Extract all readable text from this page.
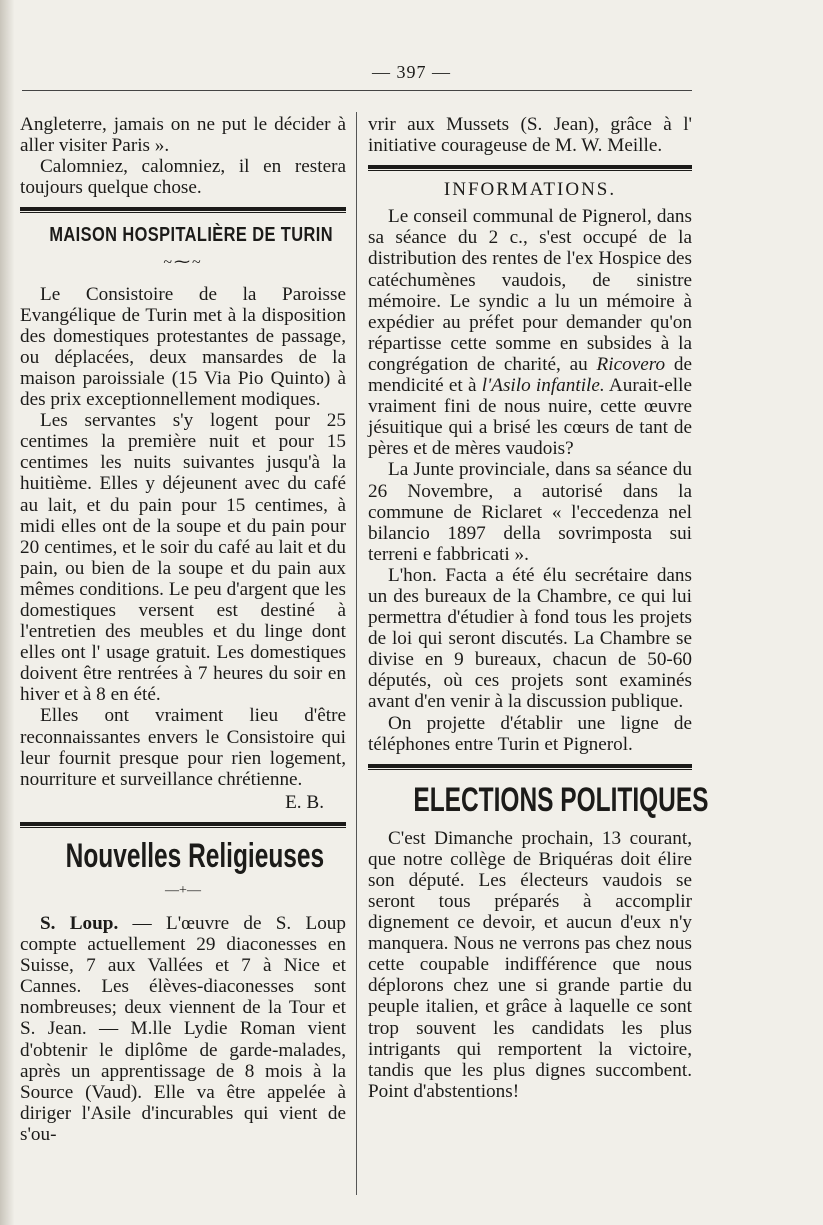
— 397 —

Angleterre, jamais on ne put le décider à aller visiter Paris ».

Calomniez, calomniez, il en restera toujours quelque chose.

MAISON HOSPITALIÈRE DE TURIN
~⁓~

Le Consistoire de la Paroisse Evangélique de Turin met à la disposition des domestiques protestantes de passage, ou déplacées, deux mansardes de la maison paroissiale (15 Via Pio Quinto) à des prix exceptionnellement modiques.

Les servantes s'y logent pour 25 centimes la première nuit et pour 15 centimes les nuits suivantes jusqu'à la huitième. Elles y déjeunent avec du café au lait, et du pain pour 15 centimes, à midi elles ont de la soupe et du pain pour 20 centimes, et le soir du café au lait et du pain, ou bien de la soupe et du pain aux mêmes conditions. Le peu d'argent que les domestiques versent est destiné à l'entretien des meubles et du linge dont elles ont l' usage gratuit. Les domestiques doivent être rentrées à 7 heures du soir en hiver et à 8 en été.

Elles ont vraiment lieu d'être reconnaissantes envers le Consistoire qui leur fournit presque pour rien logement, nourriture et surveillance chrétienne.

E. B.
Nouvelles Religieuses
—+—

S. Loup. — L'œuvre de S. Loup compte actuellement 29 diaconesses en Suisse, 7 aux Vallées et 7 à Nice et Cannes. Les élèves-diaconesses sont nombreuses; deux viennent de la Tour et S. Jean. — M.lle Lydie Roman vient d'obtenir le diplôme de garde-malades, après un apprentissage de 8 mois à la Source (Vaud). Elle va être appelée à diriger l'Asile d'incurables qui vient de s'ou-

vrir aux Mussets (S. Jean), grâce à l' initiative courageuse de M. W. Meille.

INFORMATIONS.

Le conseil communal de Pignerol, dans sa séance du 2 c., s'est occupé de la distribution des rentes de l'ex Hospice des catéchumènes vaudois, de sinistre mémoire. Le syndic a lu un mémoire à expédier au préfet pour demander qu'on répartisse cette somme en subsides à la congrégation de charité, au Ricovero de mendicité et à l'Asilo infantile. Aurait-elle vraiment fini de nous nuire, cette œuvre jésuitique qui a brisé les cœurs de tant de pères et de mères vaudois?

La Junte provinciale, dans sa séance du 26 Novembre, a autorisé dans la commune de Riclaret « l'eccedenza nel bilancio 1897 della sovrimposta sui terreni e fabbricati ».

L'hon. Facta a été élu secrétaire dans un des bureaux de la Chambre, ce qui lui permettra d'étudier à fond tous les projets de loi qui seront discutés. La Chambre se divise en 9 bureaux, chacun de 50-60 députés, où ces projets sont examinés avant d'en venir à la discussion publique.

On projette d'établir une ligne de téléphones entre Turin et Pignerol.

ELECTIONS POLITIQUES

C'est Dimanche prochain, 13 courant, que notre collège de Briquéras doit élire son député. Les électeurs vaudois se seront tous préparés à accomplir dignement ce devoir, et aucun d'eux n'y manquera. Nous ne verrons pas chez nous cette coupable indifférence que nous déplorons chez une si grande partie du peuple italien, et grâce à laquelle ce sont trop souvent les candidats les plus intrigants qui remportent la victoire, tandis que les plus dignes succombent. Point d'abstentions!
